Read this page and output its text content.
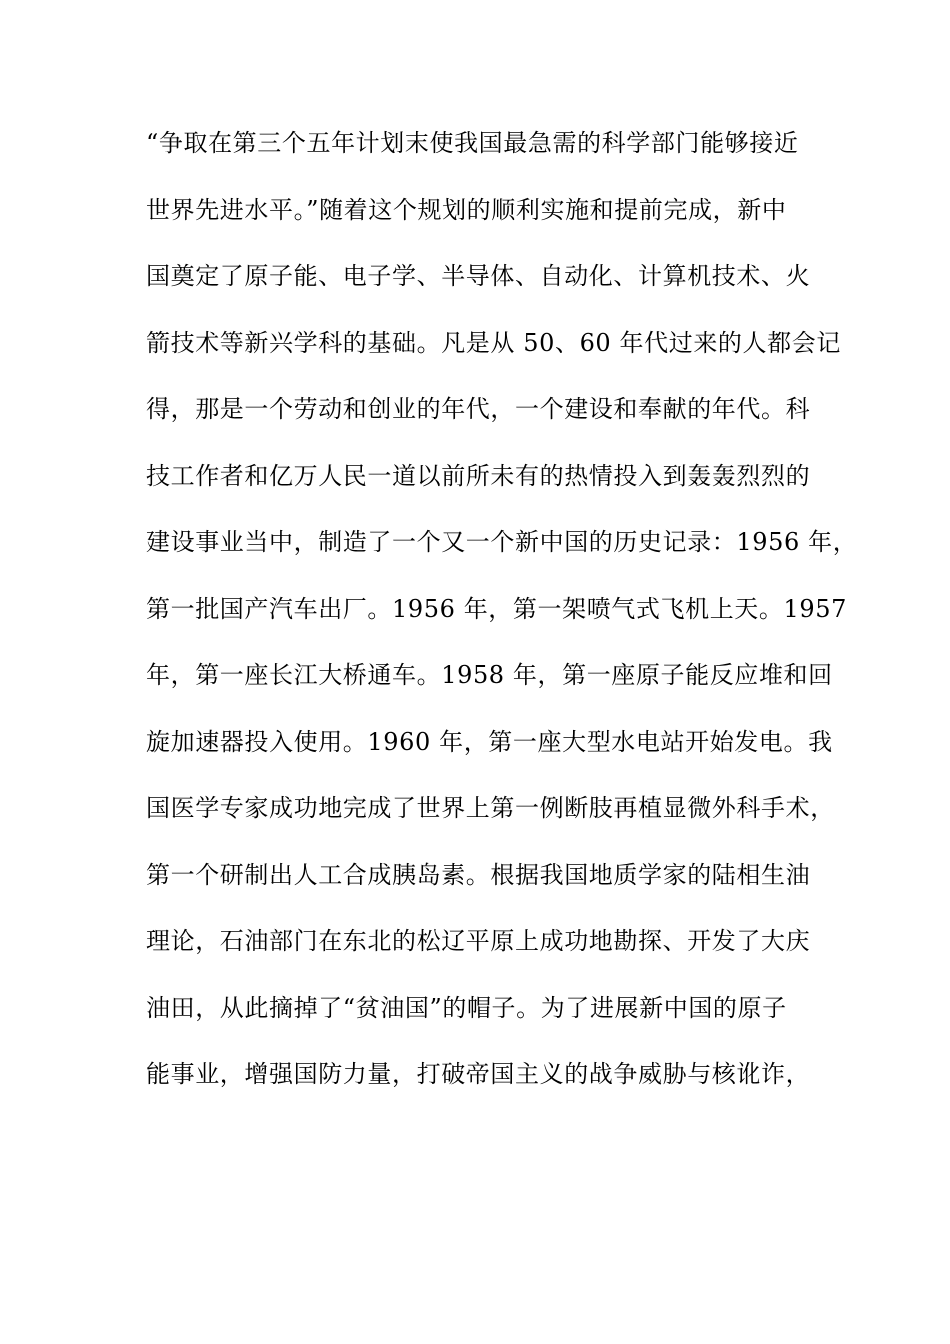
“争取在第三个五年计划末使我国最急需的科学部门能够接近
世界先进水平。”随着这个规划的顺利实施和提前完成，新中
国奠定了原子能、电子学、半导体、自动化、计算机技术、火
箭技术等新兴学科的基础。凡是从 50、60 年代过来的人都会记
得，那是一个劳动和创业的年代，一个建设和奉献的年代。科
技工作者和亿万人民一道以前所未有的热情投入到轰轰烈烈的
建设事业当中，制造了一个又一个新中国的历史记录：1956 年，
第一批国产汽车出厂。1956 年，第一架喷气式飞机上天。1957
年，第一座长江大桥通车。1958 年，第一座原子能反应堆和回
旋加速器投入使用。1960 年，第一座大型水电站开始发电。我
国医学专家成功地完成了世界上第一例断肢再植显微外科手术，
第一个研制出人工合成胰岛素。根据我国地质学家的陆相生油
理论，石油部门在东北的松辽平原上成功地勘探、开发了大庆
油田，从此摘掉了“贫油国”的帽子。为了进展新中国的原子
能事业，增强国防力量，打破帝国主义的战争威胁与核讹诈，
